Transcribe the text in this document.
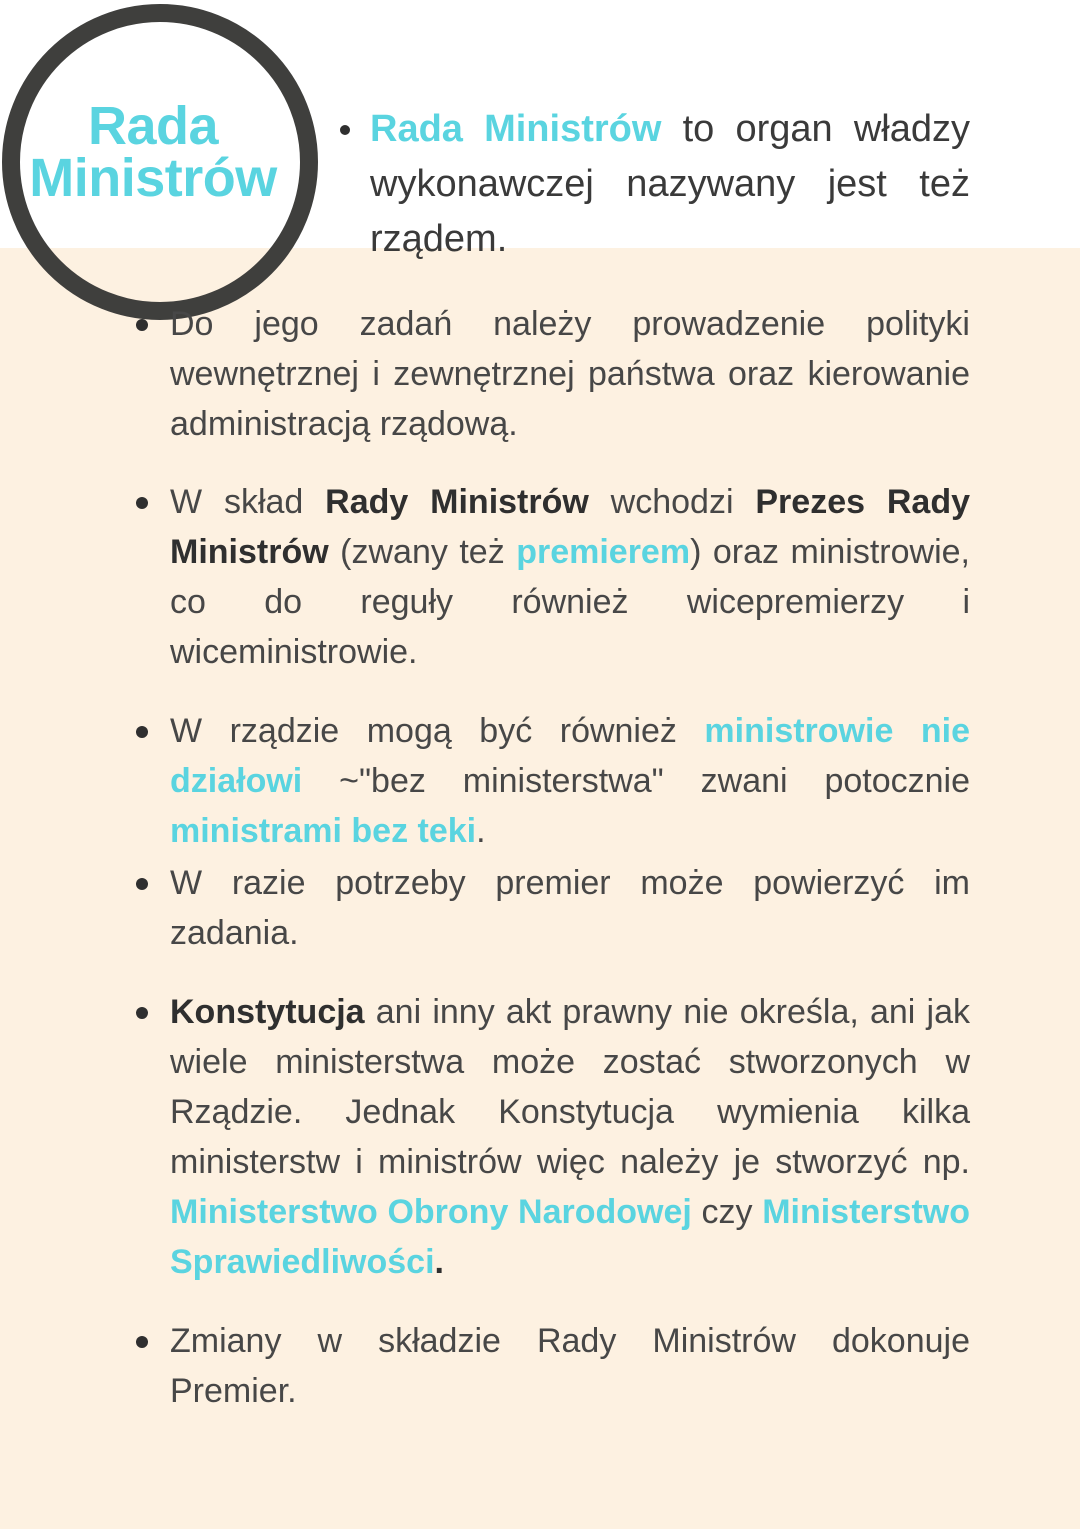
Rada
Ministrów
Rada Ministrów to organ władzy wykonawczej nazywany jest też rządem.
Do jego zadań należy prowadzenie polityki wewnętrznej i zewnętrznej państwa oraz kierowanie administracją rządową.
W skład Rady Ministrów wchodzi Prezes Rady Ministrów (zwany też premierem) oraz ministrowie, co do reguły również wicepremierzy i wiceministrowie.
W rządzie mogą być również ministrowie nie działowi ~"bez ministerstwa" zwani potocznie ministrami bez teki.
W razie potrzeby premier może powierzyć im zadania.
Konstytucja ani inny akt prawny nie określa, ani jak wiele ministerstwa może zostać stworzonych w Rządzie. Jednak Konstytucja wymienia kilka ministerstw i ministrów więc należy je stworzyć np. Ministerstwo Obrony Narodowej czy Ministerstwo Sprawiedliwości.
Zmiany w składzie Rady Ministrów dokonuje Premier.
